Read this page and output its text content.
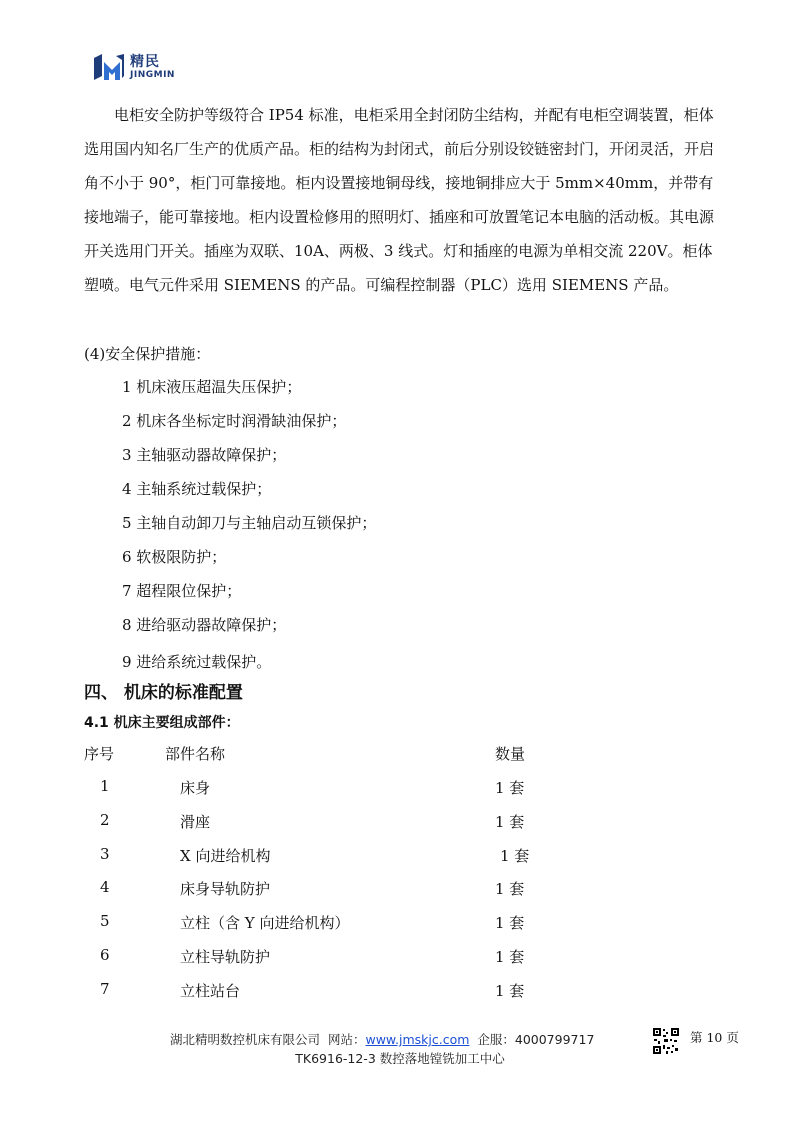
精民
JINGMIN

电柜安全防护等级符合 IP54 标准，电柜采用全封闭防尘结构，并配有电柜空调装置，柜体选用国内知名厂生产的优质产品。柜的结构为封闭式，前后分别设铰链密封门，开闭灵活，开启角不小于 90°，柜门可靠接地。柜内设置接地铜母线，接地铜排应大于 5mm×40mm，并带有接地端子，能可靠接地。柜内设置检修用的照明灯、插座和可放置笔记本电脑的活动板。其电源开关选用门开关。插座为双联、10A、两极、3 线式。灯和插座的电源为单相交流 220V。柜体塑喷。电气元件采用 SIEMENS 的产品。可编程控制器（PLC）选用 SIEMENS 产品。

(4)安全保护措施：
1 机床液压超温失压保护；
2 机床各坐标定时润滑缺油保护；
3 主轴驱动器故障保护；
4 主轴系统过载保护；
5 主轴自动卸刀与主轴启动互锁保护；
6 软极限防护；
7 超程限位保护；
8 进给驱动器故障保护；
9 进给系统过载保护。
四、 机床的标准配置
4.1 机床主要组成部件：
序号	部件名称	数量
1	床身	1 套
2	滑座	1 套
3	X 向进给机构	1 套
4	床身导轨防护	1 套
5	立柱（含 Y 向进给机构）	1 套
6	立柱导轨防护	1 套
7	立柱站台	1 套
湖北精明数控机床有限公司 网站：www.jmskjc.com 企服：4000799717	第 10 页
TK6916-12-3 数控落地镗铣加工中心
